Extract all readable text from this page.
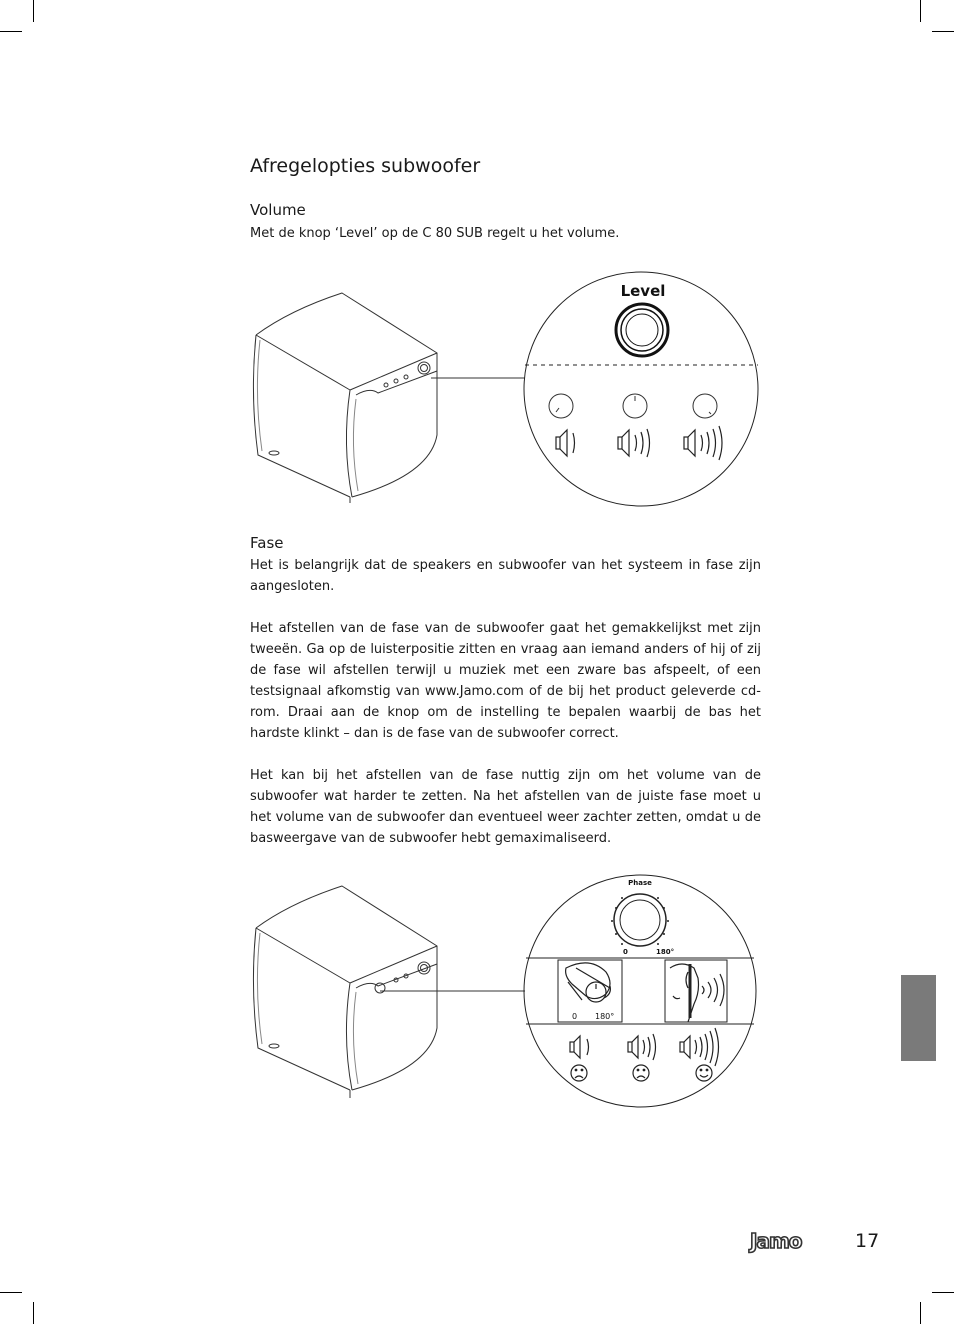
Afregelopties subwoofer
Volume

Met de knop ‘Level’ op de C 80 SUB regelt u het volume.

Level
Fase

Het is belangrijk dat de speakers en subwoofer van het systeem in fase zijn aangesloten.

Het afstellen van de fase van de subwoofer gaat het gemakkelijkst met zijn tweeën. Ga op de luisterpositie zitten en vraag aan iemand anders of hij of zij de fase wil afstellen terwijl u muziek met een zware bas afspeelt, of een testsignaal afkomstig van www.Jamo.com of de bij het product geleverde cd-rom. Draai aan de knop om de instelling te bepalen waarbij de bas het hardste klinkt – dan is de fase van de subwoofer correct.

Het kan bij het afstellen van de fase nuttig zijn om het volume van de subwoofer wat harder te zetten. Na het afstellen van de juiste fase moet u het volume van de subwoofer dan eventueel weer zachter zetten, omdat u de basweergave van de subwoofer hebt gemaximaliseerd.

Phase
0	180°
0 180°
Jamo	17
